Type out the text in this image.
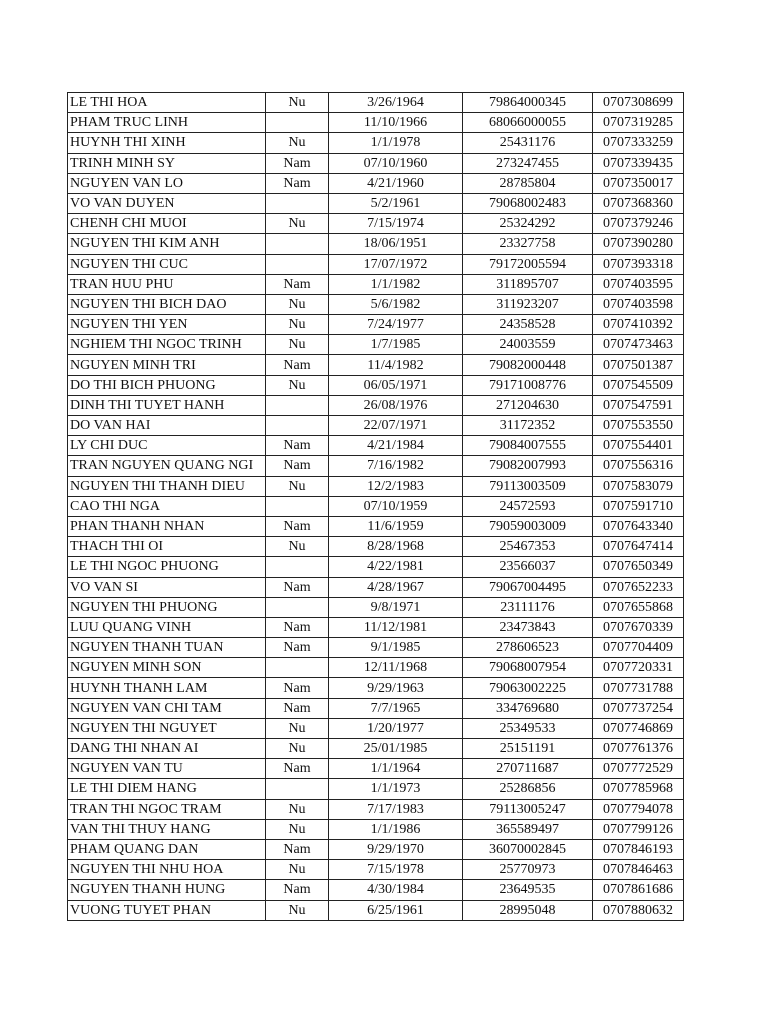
LE THI HOA	Nu	3/26/1964	79864000345	0707308699
PHAM TRUC LINH		11/10/1966	68066000055	0707319285
HUYNH THI XINH	Nu	1/1/1978	25431176	0707333259
TRINH MINH SY	Nam	07/10/1960	273247455	0707339435
NGUYEN VAN LO	Nam	4/21/1960	28785804	0707350017
VO VAN DUYEN		5/2/1961	79068002483	0707368360
CHENH CHI MUOI	Nu	7/15/1974	25324292	0707379246
NGUYEN THI KIM ANH		18/06/1951	23327758	0707390280
NGUYEN THI CUC		17/07/1972	79172005594	0707393318
TRAN HUU PHU	Nam	1/1/1982	311895707	0707403595
NGUYEN THI BICH DAO	Nu	5/6/1982	311923207	0707403598
NGUYEN THI YEN	Nu	7/24/1977	24358528	0707410392
NGHIEM THI NGOC TRINH	Nu	1/7/1985	24003559	0707473463
NGUYEN MINH TRI	Nam	11/4/1982	79082000448	0707501387
DO THI BICH PHUONG	Nu	06/05/1971	79171008776	0707545509
DINH THI TUYET HANH		26/08/1976	271204630	0707547591
DO VAN HAI		22/07/1971	31172352	0707553550
LY CHI DUC	Nam	4/21/1984	79084007555	0707554401
TRAN NGUYEN QUANG NGI	Nam	7/16/1982	79082007993	0707556316
NGUYEN THI THANH DIEU	Nu	12/2/1983	79113003509	0707583079
CAO THI NGA		07/10/1959	24572593	0707591710
PHAN THANH NHAN	Nam	11/6/1959	79059003009	0707643340
THACH THI OI	Nu	8/28/1968	25467353	0707647414
LE THI NGOC PHUONG		4/22/1981	23566037	0707650349
VO VAN SI	Nam	4/28/1967	79067004495	0707652233
NGUYEN THI PHUONG		9/8/1971	23111176	0707655868
LUU QUANG VINH	Nam	11/12/1981	23473843	0707670339
NGUYEN THANH TUAN	Nam	9/1/1985	278606523	0707704409
NGUYEN MINH SON		12/11/1968	79068007954	0707720331
HUYNH THANH LAM	Nam	9/29/1963	79063002225	0707731788
NGUYEN VAN CHI TAM	Nam	7/7/1965	334769680	0707737254
NGUYEN THI NGUYET	Nu	1/20/1977	25349533	0707746869
DANG THI NHAN AI	Nu	25/01/1985	25151191	0707761376
NGUYEN VAN TU	Nam	1/1/1964	270711687	0707772529
LE THI DIEM HANG		1/1/1973	25286856	0707785968
TRAN THI NGOC TRAM	Nu	7/17/1983	79113005247	0707794078
VAN THI THUY HANG	Nu	1/1/1986	365589497	0707799126
PHAM QUANG DAN	Nam	9/29/1970	36070002845	0707846193
NGUYEN THI NHU HOA	Nu	7/15/1978	25770973	0707846463
NGUYEN THANH HUNG	Nam	4/30/1984	23649535	0707861686
VUONG TUYET PHAN	Nu	6/25/1961	28995048	0707880632
